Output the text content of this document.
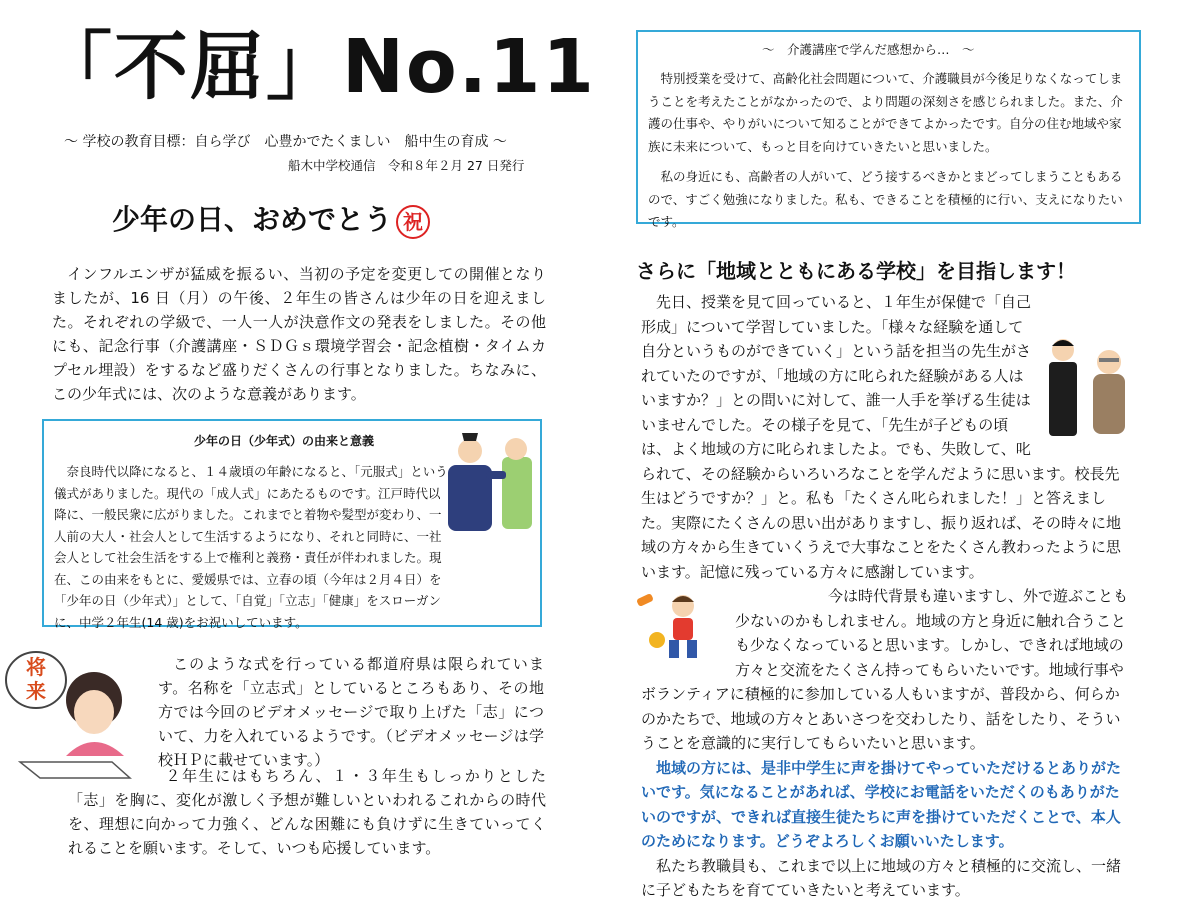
「不屈」No.11
～ 学校の教育目標：自ら学び　心豊かでたくましい　船中生の育成 ～
船木中学校通信　令和８年２月 27 日発行
少年の日、おめでとう 祝
インフルエンザが猛威を振るい、当初の予定を変更しての開催となりましたが、16 日（月）の午後、２年生の皆さんは少年の日を迎えました。それぞれの学級で、一人一人が決意作文の発表をしました。その他にも、記念行事（介護講座・ＳＤＧｓ環境学習会・記念植樹・タイムカプセル埋設）をするなど盛りだくさんの行事となりました。ちなみに、この少年式には、次のような意義があります。
少年の日（少年式）の由来と意義
奈良時代以降になると、１４歳頃の年齢になると、「元服式」という儀式がありました。現代の「成人式」にあたるものです。江戸時代以降に、一般民衆に広がりました。これまでと着物や髪型が変わり、一人前の大人・社会人として生活するようになり、それと同時に、一社会人として社会生活をする上で権利と義務・責任が伴われました。現在、この由来をもとに、愛媛県では、立春の頃（今年は２月４日）を「少年の日（少年式）」として、「自覚」「立志」「健康」をスローガンに、中学２年生(14 歳)をお祝いしています。
将
来
このような式を行っている都道府県は限られています。名称を「立志式」としているところもあり、その地方では今回のビデオメッセージで取り上げた「志」について、力を入れているようです。（ビデオメッセージは学校ＨＰに載せています。）
２年生にはもちろん、１・３年生もしっかりとした「志」を胸に、変化が激しく予想が難しいといわれるこれからの時代を、理想に向かって力強く、どんな困難にも負けずに生きていってくれることを願います。そして、いつも応援しています。
～　介護講座で学んだ感想から…　～
特別授業を受けて、高齢化社会問題について、介護職員が今後足りなくなってしまうことを考えたことがなかったので、より問題の深刻さを感じられました。また、介護の仕事や、やりがいについて知ることができてよかったです。自分の住む地域や家族に未来について、もっと目を向けていきたいと思いました。
私の身近にも、高齢者の人がいて、どう接するべきかとまどってしまうこともあるので、すごく勉強になりました。私も、できることを積極的に行い、支えになりたいです。
さらに「地域とともにある学校」を目指します！
先日、授業を見て回っていると、１年生が保健で「自己形成」について学習していました。「様々な経験を通して自分というものができていく」という話を担当の先生がされていたのですが、「地域の方に叱られた経験がある人はいますか？」との問いに対して、誰一人手を挙げる生徒はいませんでした。その様子を見て、「先生が子どもの頃は、よく地域の方に叱られましたよ。でも、失敗して、叱られて、その経験からいろいろなことを学んだように思います。校長先生はどうですか？」と。私も「たくさん叱られました！」と答えました。実際にたくさんの思い出がありますし、振り返れば、その時々に地域の方々から生きていくうえで大事なことをたくさん教わったように思います。記憶に残っている方々に感謝しています。
今は時代背景も違いますし、外で遊ぶことも少ないのかもしれません。地域の方と身近に触れ合うことも少なくなっていると思います。しかし、できれば地域の方々と交流をたくさん持ってもらいたいです。地域行事やボランティアに積極的に参加している人もいますが、普段から、何らかのかたちで、地域の方々とあいさつを交わしたり、話をしたり、そういうことを意識的に実行してもらいたいと思います。
地域の方には、是非中学生に声を掛けてやっていただけるとありがたいです。気になることがあれば、学校にお電話をいただくのもありがたいのですが、できれば直接生徒たちに声を掛けていただくことで、本人のためになります。どうぞよろしくお願いいたします。
私たち教職員も、これまで以上に地域の方々と積極的に交流し、一緒に子どもたちを育てていきたいと考えています。
